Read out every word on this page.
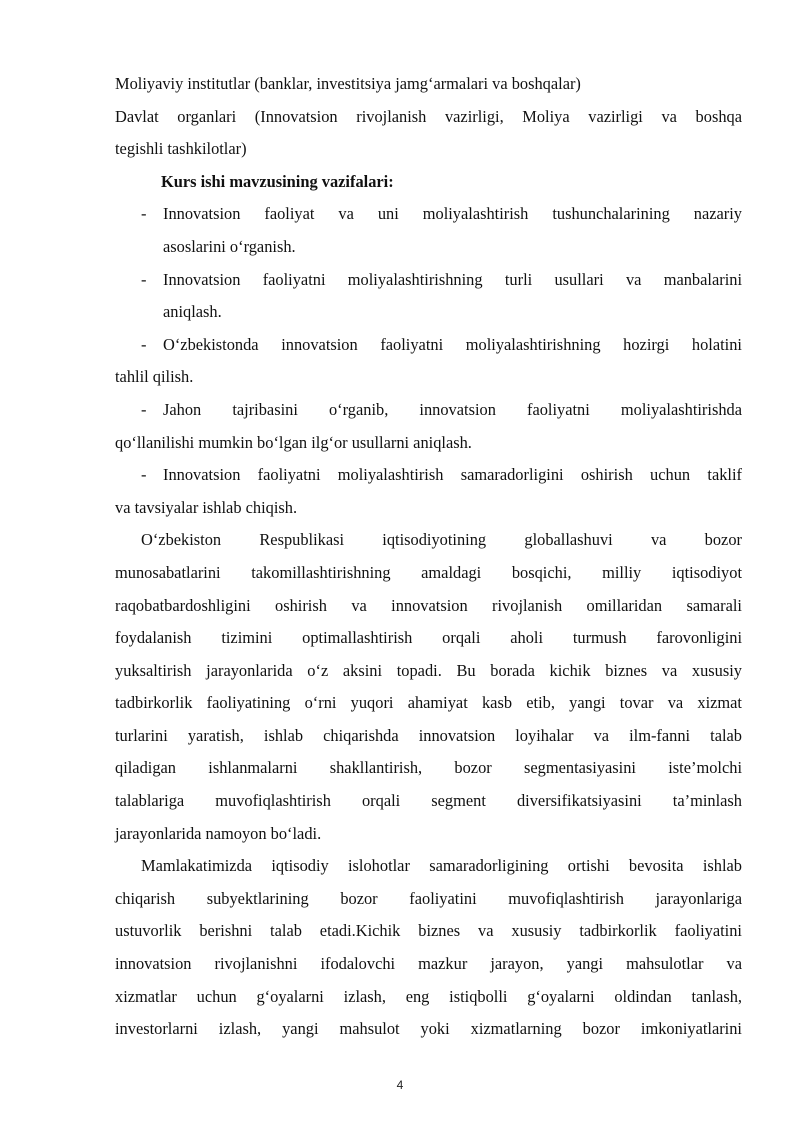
Moliyaviy institutlar (banklar, investitsiya jamg‘armalari va boshqalar)
Davlat organlari (Innovatsion rivojlanish vazirligi, Moliya vazirligi va boshqa
tegishli tashkilotlar)
Kurs ishi mavzusining vazifalari:
-	Innovatsion faoliyat va uni moliyalashtirish tushunchalarining nazariy
asoslarini o‘rganish.
-	Innovatsion faoliyatni moliyalashtirishning turli usullari va manbalarini
aniqlash.
-	O‘zbekistonda innovatsion faoliyatni moliyalashtirishning hozirgi holatini
tahlil qilish.
-	Jahon tajribasini o‘rganib, innovatsion faoliyatni moliyalashtirishda
qo‘llanilishi mumkin bo‘lgan ilg‘or usullarni aniqlash.
-	Innovatsion faoliyatni moliyalashtirish samaradorligini oshirish uchun taklif
va tavsiyalar ishlab chiqish.
O‘zbekiston Respublikasi iqtisodiyotining globallashuvi va bozor
munosabatlarini takomillashtirishning amaldagi bosqichi, milliy iqtisodiyot
raqobatbardoshligini oshirish va innovatsion rivojlanish omillaridan samarali
foydalanish tizimini optimallashtirish orqali aholi turmush farovonligini
yuksaltirish jarayonlarida o‘z aksini topadi. Bu borada kichik biznes va xususiy
tadbirkorlik faoliyatining o‘rni yuqori ahamiyat kasb etib, yangi tovar va xizmat
turlarini yaratish, ishlab chiqarishda innovatsion loyihalar va ilm-fanni talab
qiladigan ishlanmalarni shakllantirish, bozor segmentasiyasini iste’molchi
talablariga muvofiqlashtirish orqali segment diversifikatsiyasini ta’minlash
jarayonlarida namoyon bo‘ladi.
Mamlakatimizda iqtisodiy islohotlar samaradorligining ortishi bevosita ishlab
chiqarish subyektlarining bozor faoliyatini muvofiqlashtirish jarayonlariga
ustuvorlik berishni talab etadi.Kichik biznes va xususiy tadbirkorlik faoliyatini
innovatsion rivojlanishni ifodalovchi mazkur jarayon, yangi mahsulotlar va
xizmatlar uchun g‘oyalarni izlash, eng istiqbolli g‘oyalarni oldindan tanlash,
investorlarni izlash, yangi mahsulot yoki xizmatlarning bozor imkoniyatlarini
4
